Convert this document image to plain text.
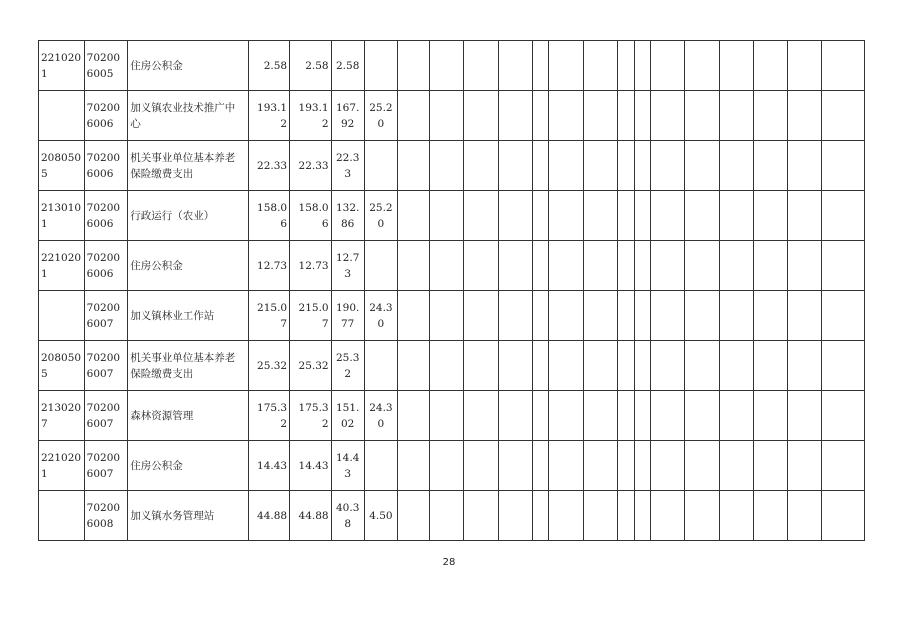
2210201	702006005	住房公积金	2.58	2.58	2.58																
	702006006	加义镇农业技术推广中心	193.12	193.12	167.92	25.20															
2080505	702006006	机关事业单位基本养老保险缴费支出	22.33	22.33	22.33																
2130101	702006006	行政运行（农业）	158.06	158.06	132.86	25.20															
2210201	702006006	住房公积金	12.73	12.73	12.73																
	702006007	加义镇林业工作站	215.07	215.07	190.77	24.30															
2080505	702006007	机关事业单位基本养老保险缴费支出	25.32	25.32	25.32																
2130207	702006007	森林资源管理	175.32	175.32	151.02	24.30															
2210201	702006007	住房公积金	14.43	14.43	14.43																
	702006008	加义镇水务管理站	44.88	44.88	40.38	4.50															
28
